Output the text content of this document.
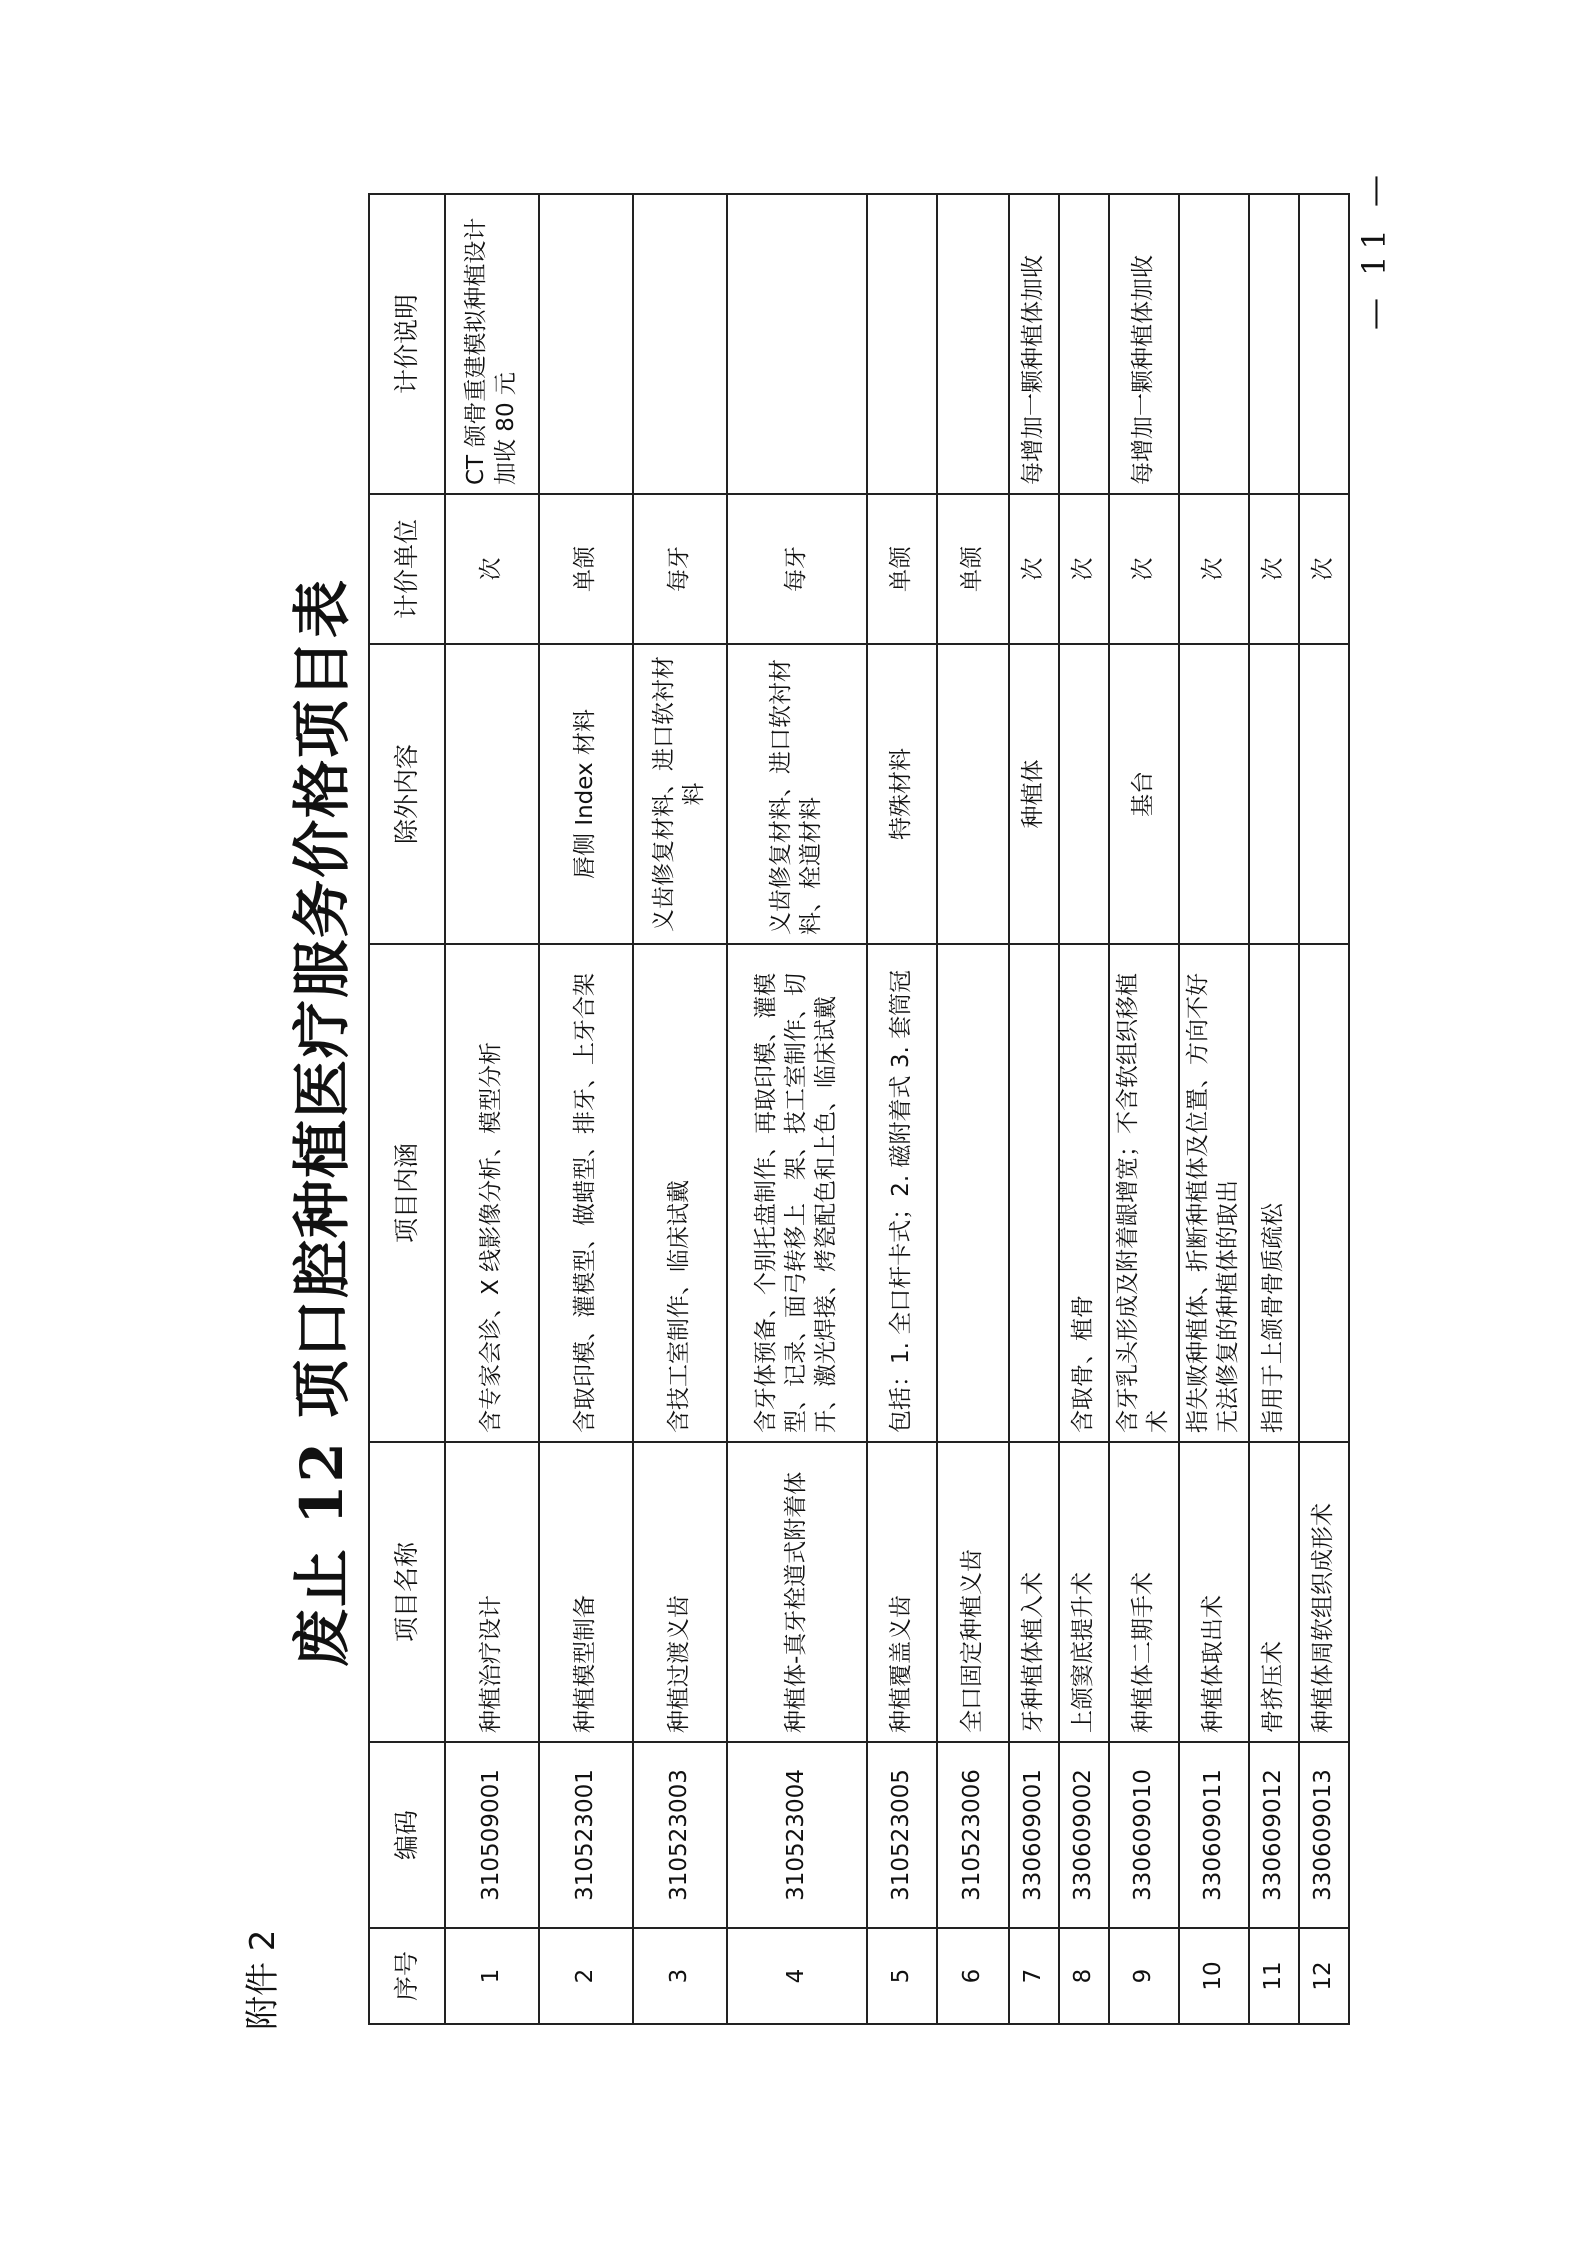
附件 2
废止 12 项口腔种植医疗服务价格项目表
序号	编码	项目名称	项目内涵	除外内容	计价单位	计价说明
1	310509001	种植治疗设计	含专家会诊、X 线影像分析、模型分析		次	CT 颌骨重建模拟种植设计加收 80 元
2	310523001	种植模型制备	含取印模、灌模型、做蜡型、排牙、上牙合架	唇侧 Index 材料	单颌	
3	310523003	种植过渡义齿	含技工室制作、临床试戴	义齿修复材料、进口软衬材料	每牙	
4	310523004	种植体-真牙栓道式附着体	含牙体预备、个别托盘制作、再取印模、灌模型、记录、面弓转移上　架、技工室制作、切开、激光焊接、烤瓷配色和上色、临床试戴	义齿修复材料、进口软衬材料、栓道材料	每牙	
5	310523005	种植覆盖义齿	包括：1. 全口杆卡式；2. 磁附着式 3. 套筒冠	特殊材料	单颌	
6	310523006	全口固定种植义齿			单颌	
7	330609001	牙种植体植入术		种植体	次	每增加一颗种植体加收
8	330609002	上颌窦底提升术	含取骨、植骨		次	
9	330609010	种植体二期手术	含牙乳头形成及附着龈增宽；不含软组织移植术	基台	次	每增加一颗种植体加收
10	330609011	种植体取出术	指失败种植体、折断种植体及位置、方向不好无法修复的种植体的取出		次	
11	330609012	骨挤压术	指用于上颌骨骨质疏松		次	
12	330609013	种植体周软组织成形术			次	
— 11 —
